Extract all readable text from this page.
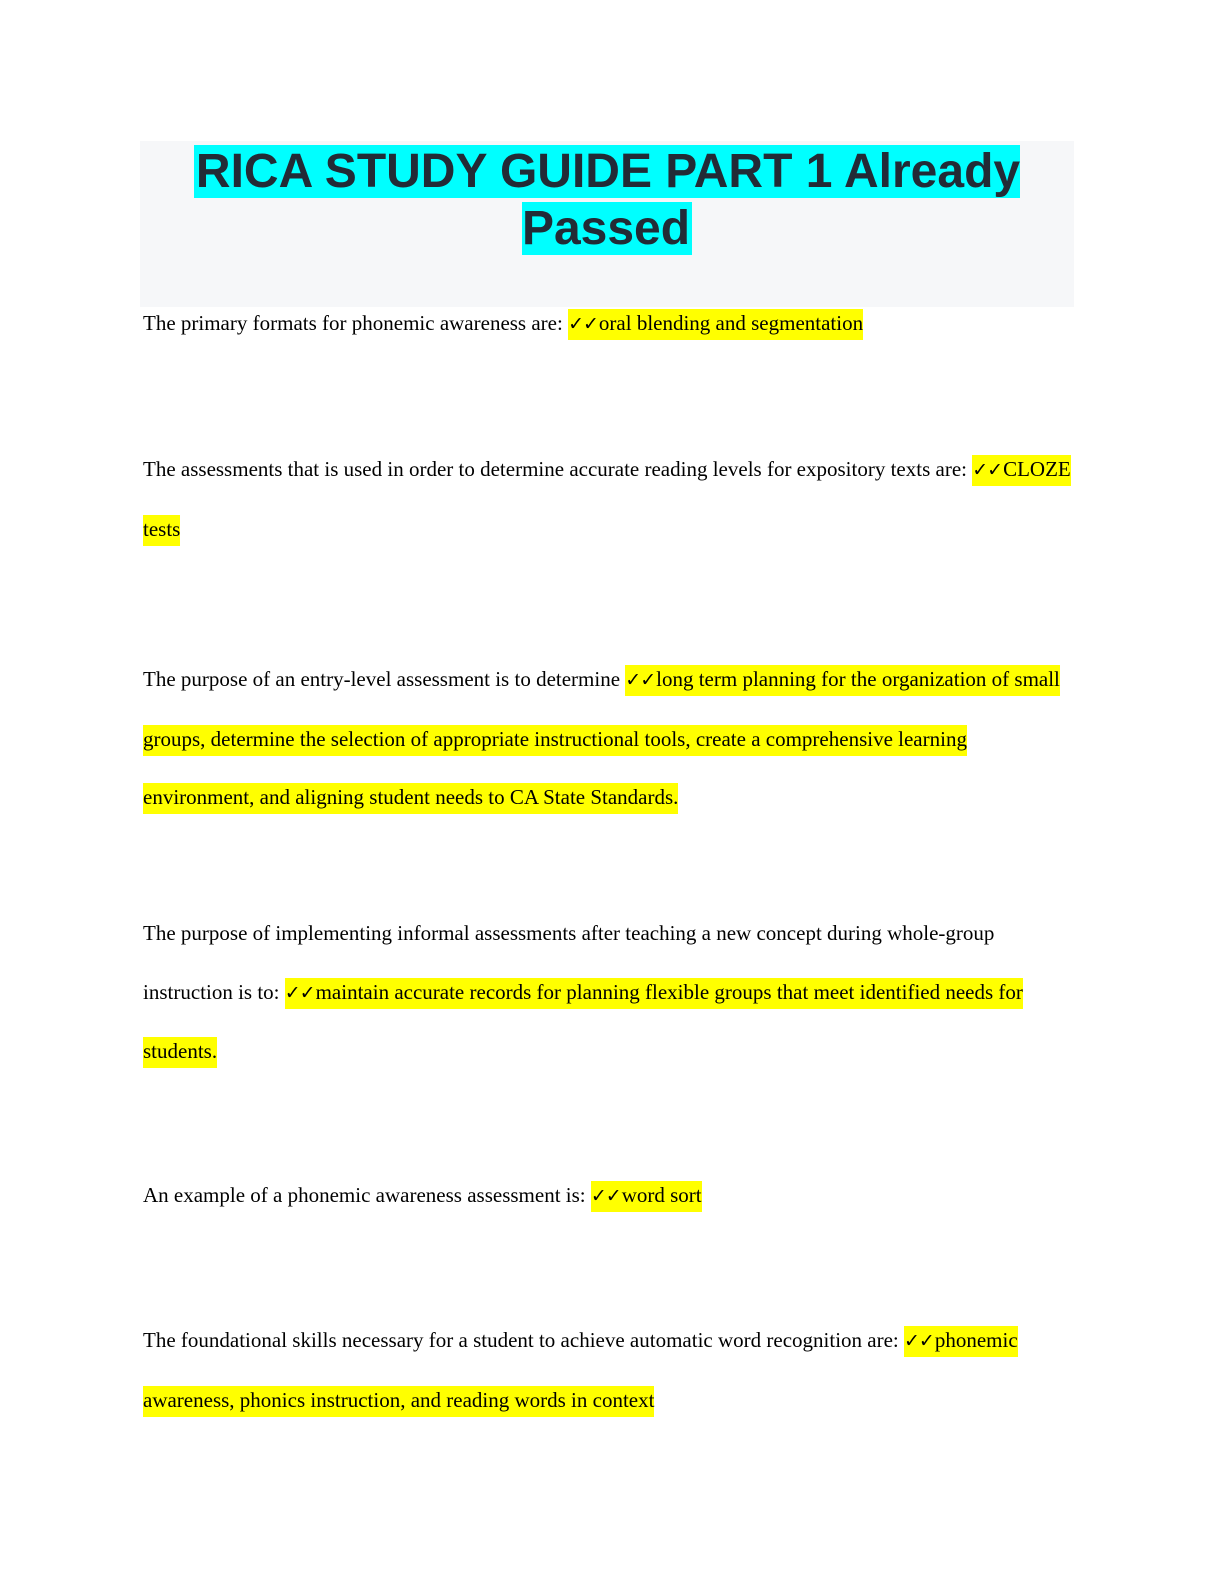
RICA STUDY GUIDE PART 1 Already Passed
The primary formats for phonemic awareness are: ✓✓oral blending and segmentation
The assessments that is used in order to determine accurate reading levels for expository texts are: ✓✓CLOZE tests
The purpose of an entry-level assessment is to determine ✓✓long term planning for the organization of small groups, determine the selection of appropriate instructional tools, create a comprehensive learning environment, and aligning student needs to CA State Standards.
The purpose of implementing informal assessments after teaching a new concept during whole-group instruction is to: ✓✓maintain accurate records for planning flexible groups that meet identified needs for students.
An example of a phonemic awareness assessment is: ✓✓word sort
The foundational skills necessary for a student to achieve automatic word recognition are: ✓✓phonemic awareness, phonics instruction, and reading words in context
